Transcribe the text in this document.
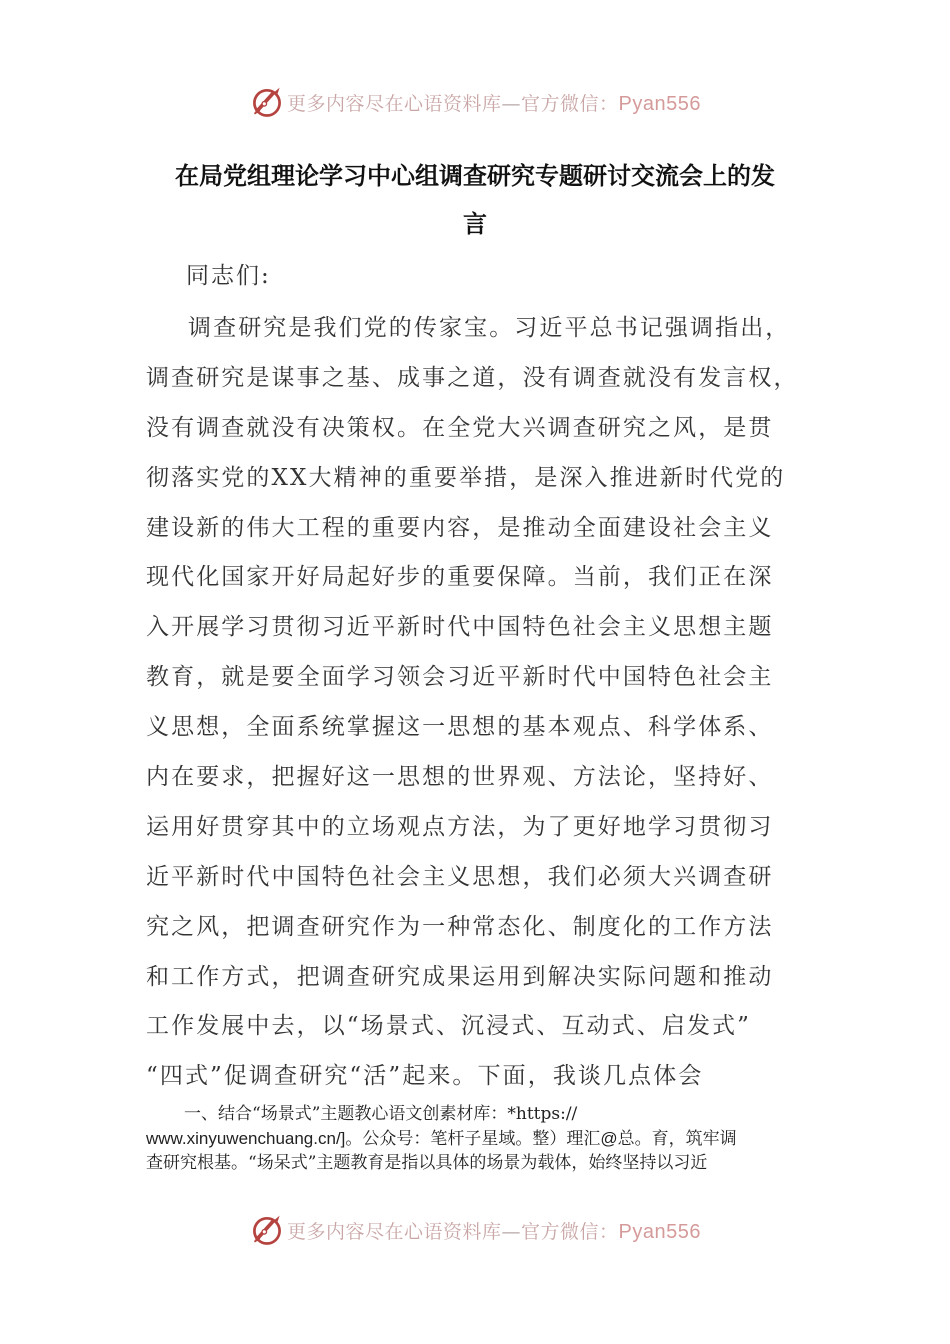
更多内容尽在心语资料库—官方微信：Pyan556
在局党组理论学习中心组调查研究专题研讨交流会上的发
言

同志们:

调查研究是我们党的传家宝。习近平总书记强调指出，
调查研究是谋事之基、成事之道，没有调查就没有发言权，
没有调查就没有决策权。在全党大兴调查研究之风，是贯
彻落实党的XX大精神的重要举措，是深入推进新时代党的
建设新的伟大工程的重要内容，是推动全面建设社会主义
现代化国家开好局起好步的重要保障。当前，我们正在深
入开展学习贯彻习近平新时代中国特色社会主义思想主题
教育，就是要全面学习领会习近平新时代中国特色社会主
义思想，全面系统掌握这一思想的基本观点、科学体系、
内在要求，把握好这一思想的世界观、方法论，坚持好、
运用好贯穿其中的立场观点方法，为了更好地学习贯彻习
近平新时代中国特色社会主义思想，我们必须大兴调查研
究之风，把调查研究作为一种常态化、制度化的工作方法
和工作方式，把调查研究成果运用到解决实际问题和推动
工作发展中去，以“场景式、沉浸式、互动式、启发式”
“四式”促调查研究“活”起来。下面，我谈几点体会

一、结合“场景式”主题教心语文创素材库：*https://
www.xinyuwenchuang.cn/]。公众号：笔杆子星域。整）理汇@总。育，筑牢调
查研究根基。“场呆式”主题教育是指以具体的场景为载体，始终坚持以习近

更多内容尽在心语资料库—官方微信：Pyan556
